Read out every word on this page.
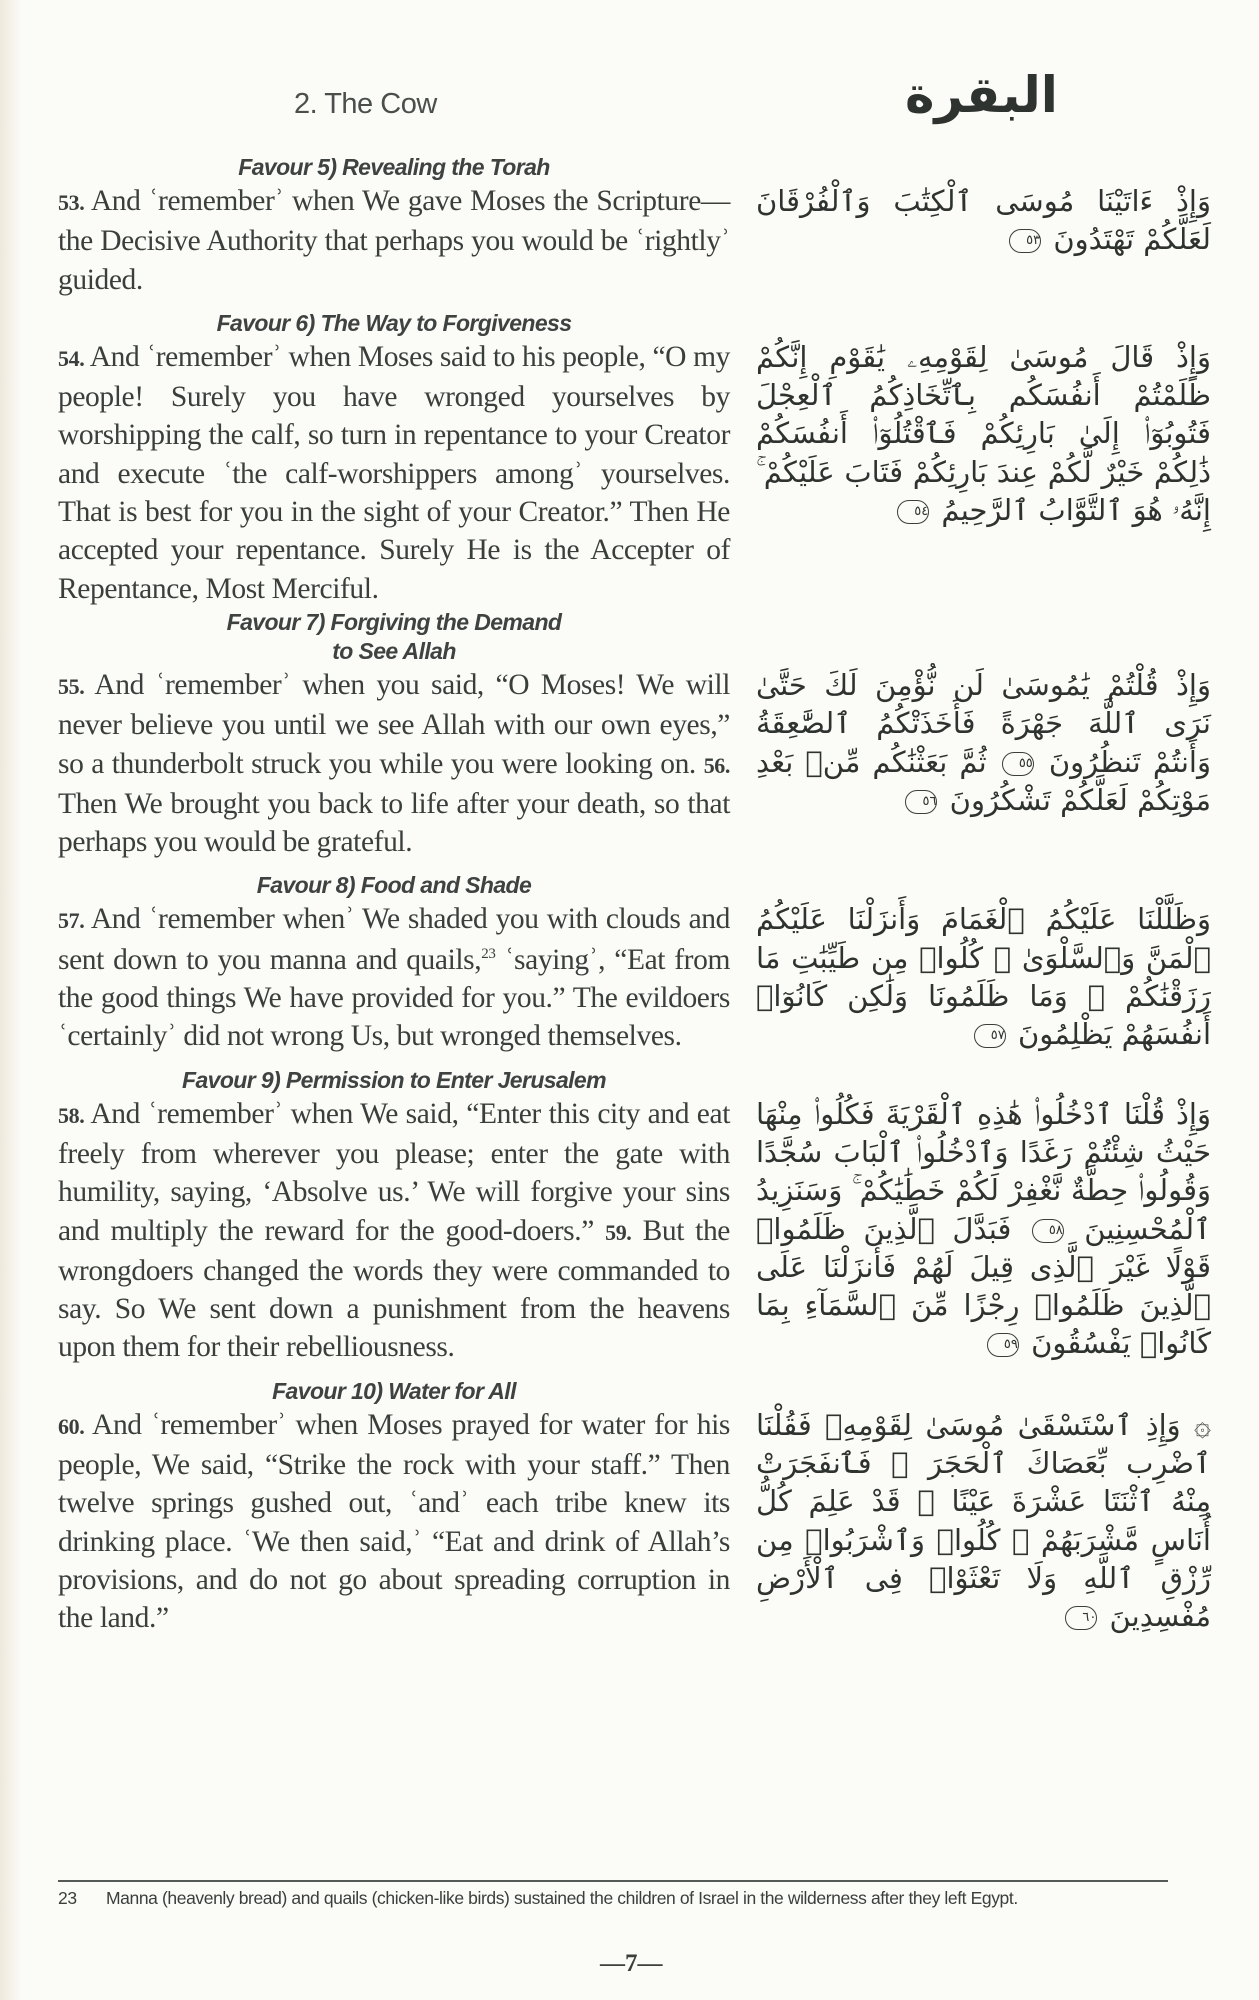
2. The Cow	البقرة
Favour 5) Revealing the Torah
53. And ʿrememberʾ when We gave Moses the Scripture—the Decisive Authority that perhaps you would be ʿrightlyʾ guided.
وَإِذْ ءَاتَيْنَا مُوسَى ٱلْكِتَٰبَ وَٱلْفُرْقَانَ لَعَلَّكُمْ تَهْتَدُونَ ٥٣
Favour 6) The Way to Forgiveness
54. And ʿrememberʾ when Moses said to his people, “O my people! Surely you have wronged yourselves by worshipping the calf, so turn in repentance to your Creator and execute ʿthe calf-worshippers amongʾ yourselves. That is best for you in the sight of your Creator.” Then He accepted your repentance. Surely He is the Accepter of Repentance, Most Merciful.
وَإِذْ قَالَ مُوسَىٰ لِقَوْمِهِۦ يَٰقَوْمِ إِنَّكُمْ ظَلَمْتُمْ أَنفُسَكُم بِٱتِّخَاذِكُمُ ٱلْعِجْلَ فَتُوبُوٓا۟ إِلَىٰ بَارِئِكُمْ فَٱقْتُلُوٓا۟ أَنفُسَكُمْ ذَٰلِكُمْ خَيْرٌ لَّكُمْ عِندَ بَارِئِكُمْ فَتَابَ عَلَيْكُمْ ۚ إِنَّهُۥ هُوَ ٱلتَّوَّابُ ٱلرَّحِيمُ ٥٤
Favour 7) Forgiving the Demand
to See Allah
55. And ʿrememberʾ when you said, “O Moses! We will never believe you until we see Allah with our own eyes,” so a thunderbolt struck you while you were looking on. 56. Then We brought you back to life after your death, so that perhaps you would be grateful.
وَإِذْ قُلْتُمْ يَٰمُوسَىٰ لَن نُّؤْمِنَ لَكَ حَتَّىٰ نَرَى ٱللَّهَ جَهْرَةً فَأَخَذَتْكُمُ ٱلصَّٰعِقَةُ وَأَنتُمْ تَنظُرُونَ ٥٥ ثُمَّ بَعَثْنَٰكُم مِّنۢ بَعْدِ مَوْتِكُمْ لَعَلَّكُمْ تَشْكُرُونَ ٥٦
Favour 8) Food and Shade
57. And ʿremember whenʾ We shaded you with clouds and sent down to you manna and quails,$^{23}$ ʿsayingʾ, “Eat from the good things We have provided for you.” The evildoers ʿcertainlyʾ did not wrong Us, but wronged themselves.
وَظَلَّلْنَا عَلَيْكُمُ ٱلْغَمَامَ وَأَنزَلْنَا عَلَيْكُمُ ٱلْمَنَّ وَٱلسَّلْوَىٰ ۖ كُلُوا۟ مِن طَيِّبَٰتِ مَا رَزَقْنَٰكُمْ ۖ وَمَا ظَلَمُونَا وَلَٰكِن كَانُوٓا۟ أَنفُسَهُمْ يَظْلِمُونَ ٥٧
Favour 9) Permission to Enter Jerusalem
58. And ʿrememberʾ when We said, “Enter this city and eat freely from wherever you please; enter the gate with humility, saying, ‘Absolve us.’ We will forgive your sins and multiply the reward for the good-doers.” 59. But the wrongdoers changed the words they were commanded to say. So We sent down a punishment from the heavens upon them for their rebelliousness.
وَإِذْ قُلْنَا ٱدْخُلُوا۟ هَٰذِهِ ٱلْقَرْيَةَ فَكُلُوا۟ مِنْهَا حَيْثُ شِئْتُمْ رَغَدًا وَٱدْخُلُوا۟ ٱلْبَابَ سُجَّدًا وَقُولُوا۟ حِطَّةٌ نَّغْفِرْ لَكُمْ خَطَٰيَٰكُمْ ۚ وَسَنَزِيدُ ٱلْمُحْسِنِينَ ٥٨ فَبَدَّلَ ٱلَّذِينَ ظَلَمُوا۟ قَوْلًا غَيْرَ ٱلَّذِى قِيلَ لَهُمْ فَأَنزَلْنَا عَلَى ٱلَّذِينَ ظَلَمُوا۟ رِجْزًا مِّنَ ٱلسَّمَآءِ بِمَا كَانُوا۟ يَفْسُقُونَ ٥٩
Favour 10) Water for All
60. And ʿrememberʾ when Moses prayed for water for his people, We said, “Strike the rock with your staff.” Then twelve springs gushed out, ʿandʾ each tribe knew its drinking place. ʿWe then said,ʾ “Eat and drink of Allah’s provisions, and do not go about spreading corruption in the land.”
۞ وَإِذِ ٱسْتَسْقَىٰ مُوسَىٰ لِقَوْمِهِۦ فَقُلْنَا ٱضْرِب بِّعَصَاكَ ٱلْحَجَرَ ۖ فَٱنفَجَرَتْ مِنْهُ ٱثْنَتَا عَشْرَةَ عَيْنًا ۖ قَدْ عَلِمَ كُلُّ أُنَاسٍ مَّشْرَبَهُمْ ۖ كُلُوا۟ وَٱشْرَبُوا۟ مِن رِّزْقِ ٱللَّهِ وَلَا تَعْثَوْا۟ فِى ٱلْأَرْضِ مُفْسِدِينَ ٦٠
23	Manna (heavenly bread) and quails (chicken-like birds) sustained the children of Israel in the wilderness after they left Egypt.
—7—
